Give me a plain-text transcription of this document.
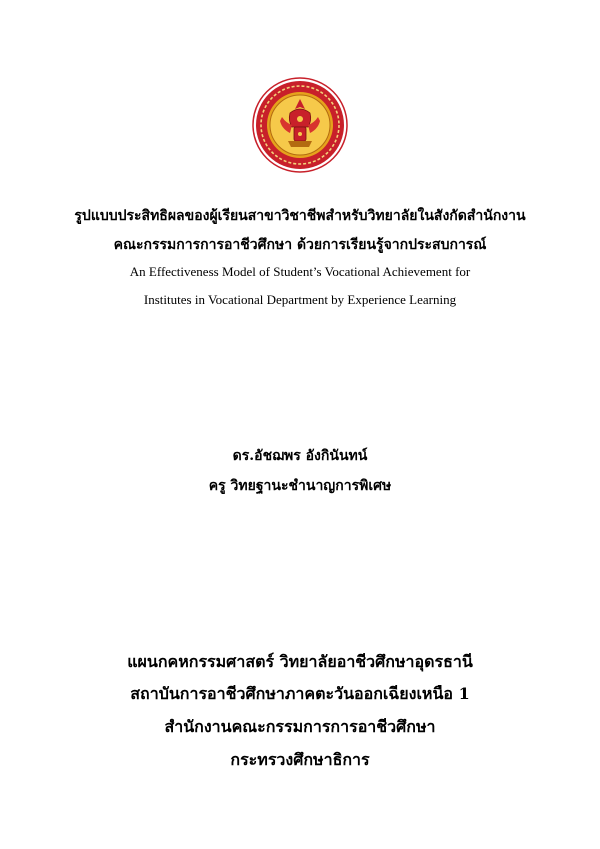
รูปแบบประสิทธิผลของผู้เรียนสาขาวิชาชีพสำหรับวิทยาลัยในสังกัดสำนักงาน
คณะกรรมการการอาชีวศึกษา ด้วยการเรียนรู้จากประสบการณ์
An Effectiveness Model of Student’s Vocational Achievement for
Institutes in Vocational Department by Experience Learning
ดร.อัชฌพร อังกินันทน์
ครู วิทยฐานะชำนาญการพิเศษ
แผนกคหกรรมศาสตร์ วิทยาลัยอาชีวศึกษาอุดรธานี
สถาบันการอาชีวศึกษาภาคตะวันออกเฉียงเหนือ 1
สำนักงานคณะกรรมการการอาชีวศึกษา
กระทรวงศึกษาธิการ
